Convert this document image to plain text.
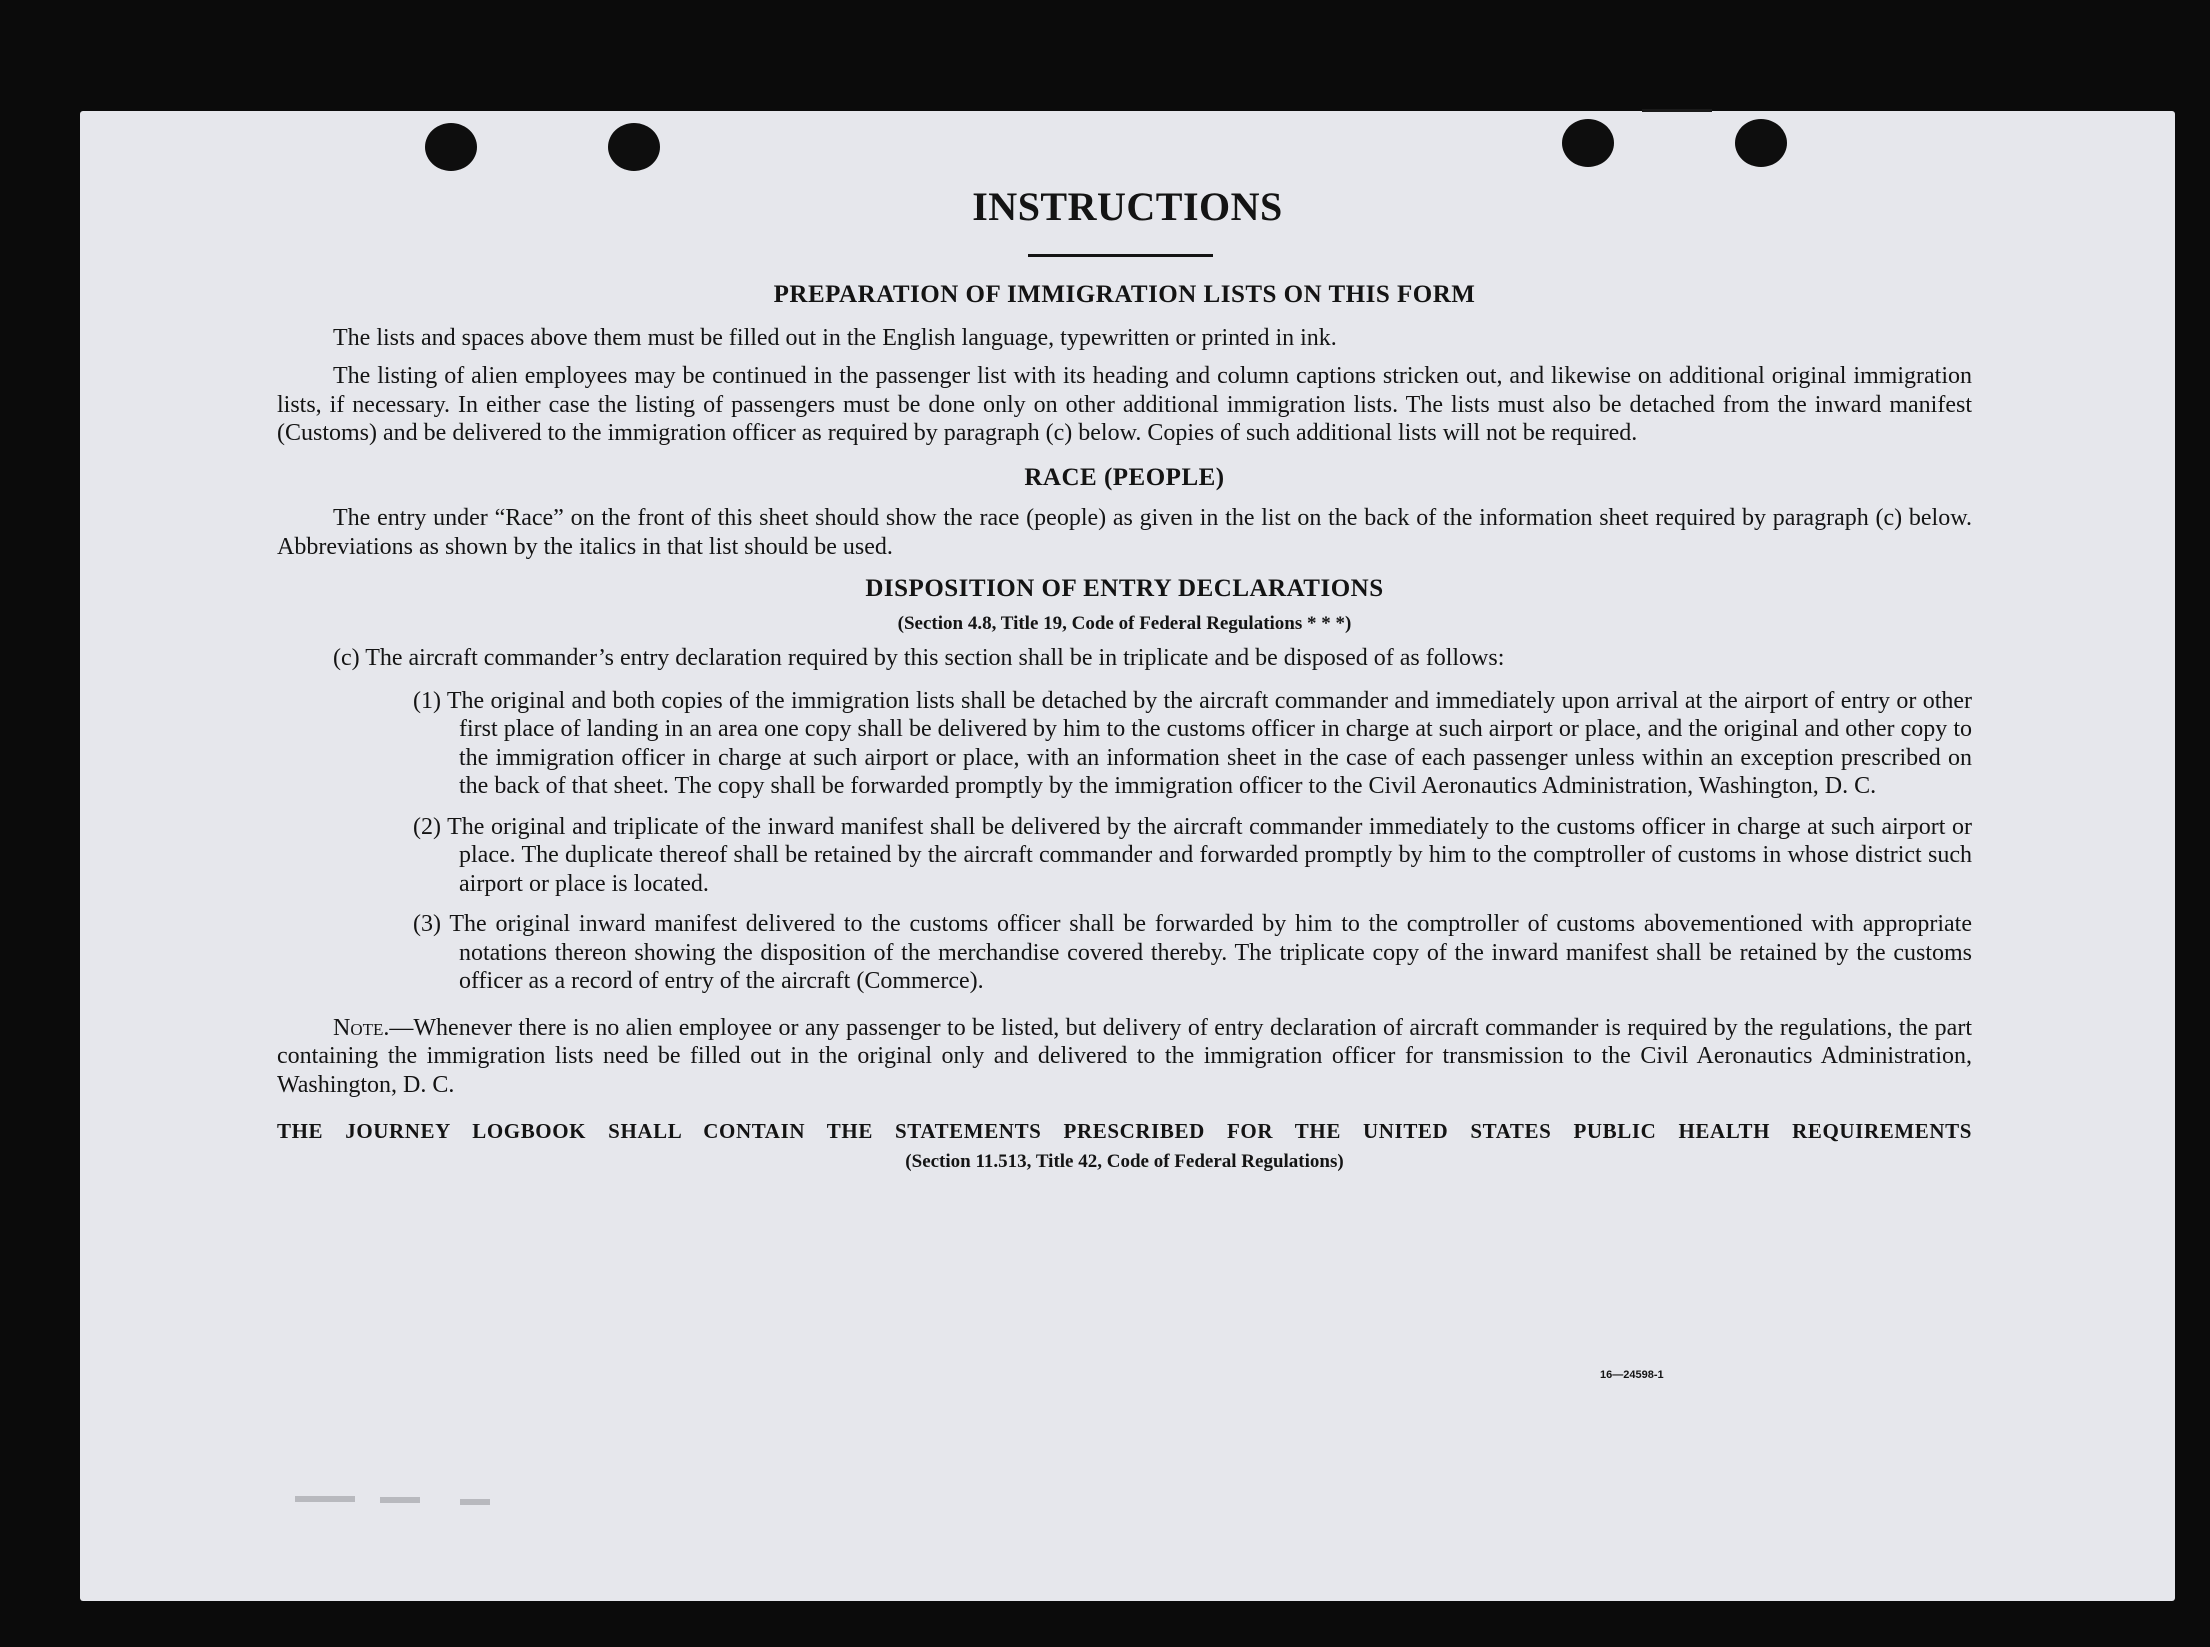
INSTRUCTIONS
PREPARATION OF IMMIGRATION LISTS ON THIS FORM

The lists and spaces above them must be filled out in the English language, typewritten or printed in ink.

The listing of alien employees may be continued in the passenger list with its heading and column captions stricken out, and likewise on additional original immigration lists, if necessary. In either case the listing of passengers must be done only on other additional immigration lists. The lists must also be detached from the inward manifest (Customs) and be delivered to the immigration officer as required by paragraph (c) below. Copies of such additional lists will not be required.

RACE (PEOPLE)

The entry under “Race” on the front of this sheet should show the race (people) as given in the list on the back of the information sheet required by paragraph (c) below. Abbreviations as shown by the italics in that list should be used.

DISPOSITION OF ENTRY DECLARATIONS
(Section 4.8, Title 19, Code of Federal Regulations * * *)

(c) The aircraft commander’s entry declaration required by this section shall be in triplicate and be disposed of as follows:

(1) The original and both copies of the immigration lists shall be detached by the aircraft commander and immediately upon arrival at the airport of entry or other first place of landing in an area one copy shall be delivered by him to the customs officer in charge at such airport or place, and the original and other copy to the immigration officer in charge at such airport or place, with an information sheet in the case of each passenger unless within an exception prescribed on the back of that sheet. The copy shall be forwarded promptly by the immigration officer to the Civil Aeronautics Administration, Washington, D. C.
(2) The original and triplicate of the inward manifest shall be delivered by the aircraft commander immediately to the customs officer in charge at such airport or place. The duplicate thereof shall be retained by the aircraft commander and forwarded promptly by him to the comptroller of customs in whose district such airport or place is located.
(3) The original inward manifest delivered to the customs officer shall be forwarded by him to the comptroller of customs abovementioned with appropriate notations thereon showing the disposition of the merchandise covered thereby. The triplicate copy of the inward manifest shall be retained by the customs officer as a record of entry of the aircraft (Commerce).

Note.—Whenever there is no alien employee or any passenger to be listed, but delivery of entry declaration of aircraft commander is required by the regulations, the part containing the immigration lists need be filled out in the original only and delivered to the immigration officer for transmission to the Civil Aeronautics Administration, Washington, D. C.

THE JOURNEY LOGBOOK SHALL CONTAIN THE STATEMENTS PRESCRIBED FOR THE UNITED STATES PUBLIC HEALTH REQUIREMENTS
(Section 11.513, Title 42, Code of Federal Regulations)
16—24598-1
